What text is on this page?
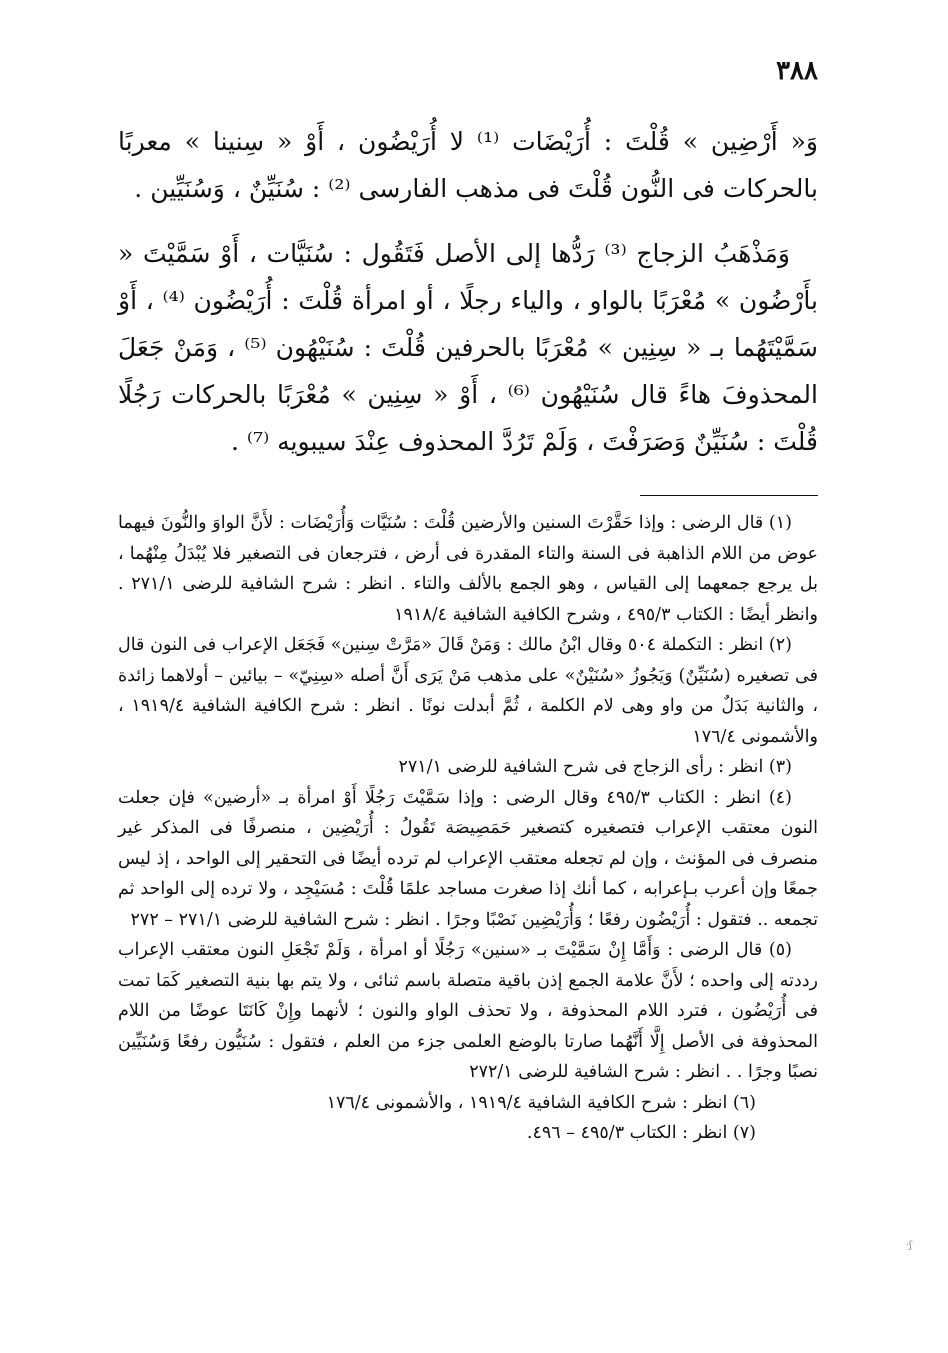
٣٨٨

وَ« أَرْضِين » قُلْتَ : أُرَيْضَات ⁽¹⁾ لا أُرَيْضُون ، أَوْ « سِنينا » معربًا بالحركات فى النُّون قُلْتَ فى مذهب الفارسى ⁽²⁾ : سُنَيِّنٌ ، وَسُنَيِّين .

وَمَذْهَبُ الزجاج ⁽³⁾ رَدُّها إلى الأصل فَتَقُول : سُنَيَّات ، أَوْ سَمَّيْتَ « بأَرْضُون » مُعْرَبًا بالواو ، والياء رجلًا ، أو امرأة قُلْتَ : أُرَيْضُون ⁽⁴⁾ ، أَوْ سَمَّيْتَهُما بـ « سِنِين » مُعْرَبًا بالحرفين قُلْتَ : سُنَيْهُون ⁽⁵⁾ ، وَمَنْ جَعَلَ المحذوفَ هاءً قال سُنَيْهُون ⁽⁶⁾ ، أَوْ « سِنِين » مُعْرَبًا بالحركات رَجُلًا قُلْتَ : سُنَيِّنٌ وَصَرَفْتَ ، وَلَمْ تَرُدَّ المحذوف عِنْدَ سيبويه ⁽⁷⁾ .

(١) قال الرضى : وإذا حَقَّرْتَ السنين والأرضين قُلْتَ : سُنَيَّات وَأُرَيْضَات : لأَنَّ الواوَ والنُّونَ فيهما عوض من اللام الذاهبة فى السنة والتاء المقدرة فى أرض ، فترجعان فى التصغير فلا يُبْدَلُ مِنْهُما ، بل يرجع جمعهما إلى القياس ، وهو الجمع بالألف والتاء . انظر : شرح الشافية للرضى ٢٧١/١ . وانظر أيضًا : الكتاب ٤٩٥/٣ ، وشرح الكافية الشافية ١٩١٨/٤

(٢) انظر : التكملة ٥٠٤ وقال ابْنُ مالك : وَمَنْ قَالَ «مَرَّتْ سِنين» فَجَعَل الإعراب فى النون قال فى تصغيره (سُنَيِّنٌ) وَيَجُوزُ «سُنَيْنٌ» على مذهب مَنْ يَرَى أَنَّ أصله «سِنِيّ» – بيائين – أولاهما زائدة ، والثانية بَدَلٌ من واو وهى لام الكلمة ، ثُمَّ أبدلت نونًا . انظر : شرح الكافية الشافية ١٩١٩/٤ ، والأشمونى ١٧٦/٤

(٣) انظر : رأى الزجاج فى شرح الشافية للرضى ٢٧١/١

(٤) انظر : الكتاب ٤٩٥/٣ وقال الرضى : وإذا سَمَّيْتَ رَجُلًا أَوْ امرأة بـ «أرضين» فإن جعلت النون معتقب الإعراب فتصغيره كتصغير حَمَصِيصَة تَقُولُ : أُرَيْضِين ، منصرفًا فى المذكر غير منصرف فى المؤنث ، وإن لم تجعله معتقب الإعراب لم ترده أيضًا فى التحقير إلى الواحد ، إذ ليس جمعًا وإن أعرب بـإعرابه ، كما أنك إذا صغرت مساجد علمًا قُلْتَ : مُسَيْجِد ، ولا ترده إلى الواحد ثم تجمعه .. فتقول : أُرَيْضُون رفعًا ؛ وَأُرَيْضِين نَصْبًا وجرًا . انظر : شرح الشافية للرضى ٢٧١/١ – ٢٧٢

(٥) قال الرضى : وَأَمَّا إِنْ سَمَّيْتَ بـ «سنين» رَجُلًا أو امرأة ، وَلَمْ تَجْعَلِ النون معتقب الإعراب رددته إلى واحده ؛ لأَنَّ علامة الجمع إذن باقية متصلة باسم ثنائى ، ولا يتم بها بنية التصغير كَمَا تمت فى أُرَيْضُون ، فترد اللام المحذوفة ، ولا تحذف الواو والنون ؛ لأنهما وإِنْ كَانَتَا عوضًا من اللام المحذوفة فى الأصل إِلَّا أَنَّهُما صارتا بالوضع العلمى جزء من العلم ، فتقول : سُنَيُّون رفعًا وَسُنَيِّين نصبًا وجرًا . . انظر : شرح الشافية للرضى ٢٧٢/١

(٦) انظر : شرح الكافية الشافية ١٩١٩/٤ ، والأشمونى ١٧٦/٤

(٧) انظر : الكتاب ٤٩٥/٣ – ٤٩٦.

·ʃ
